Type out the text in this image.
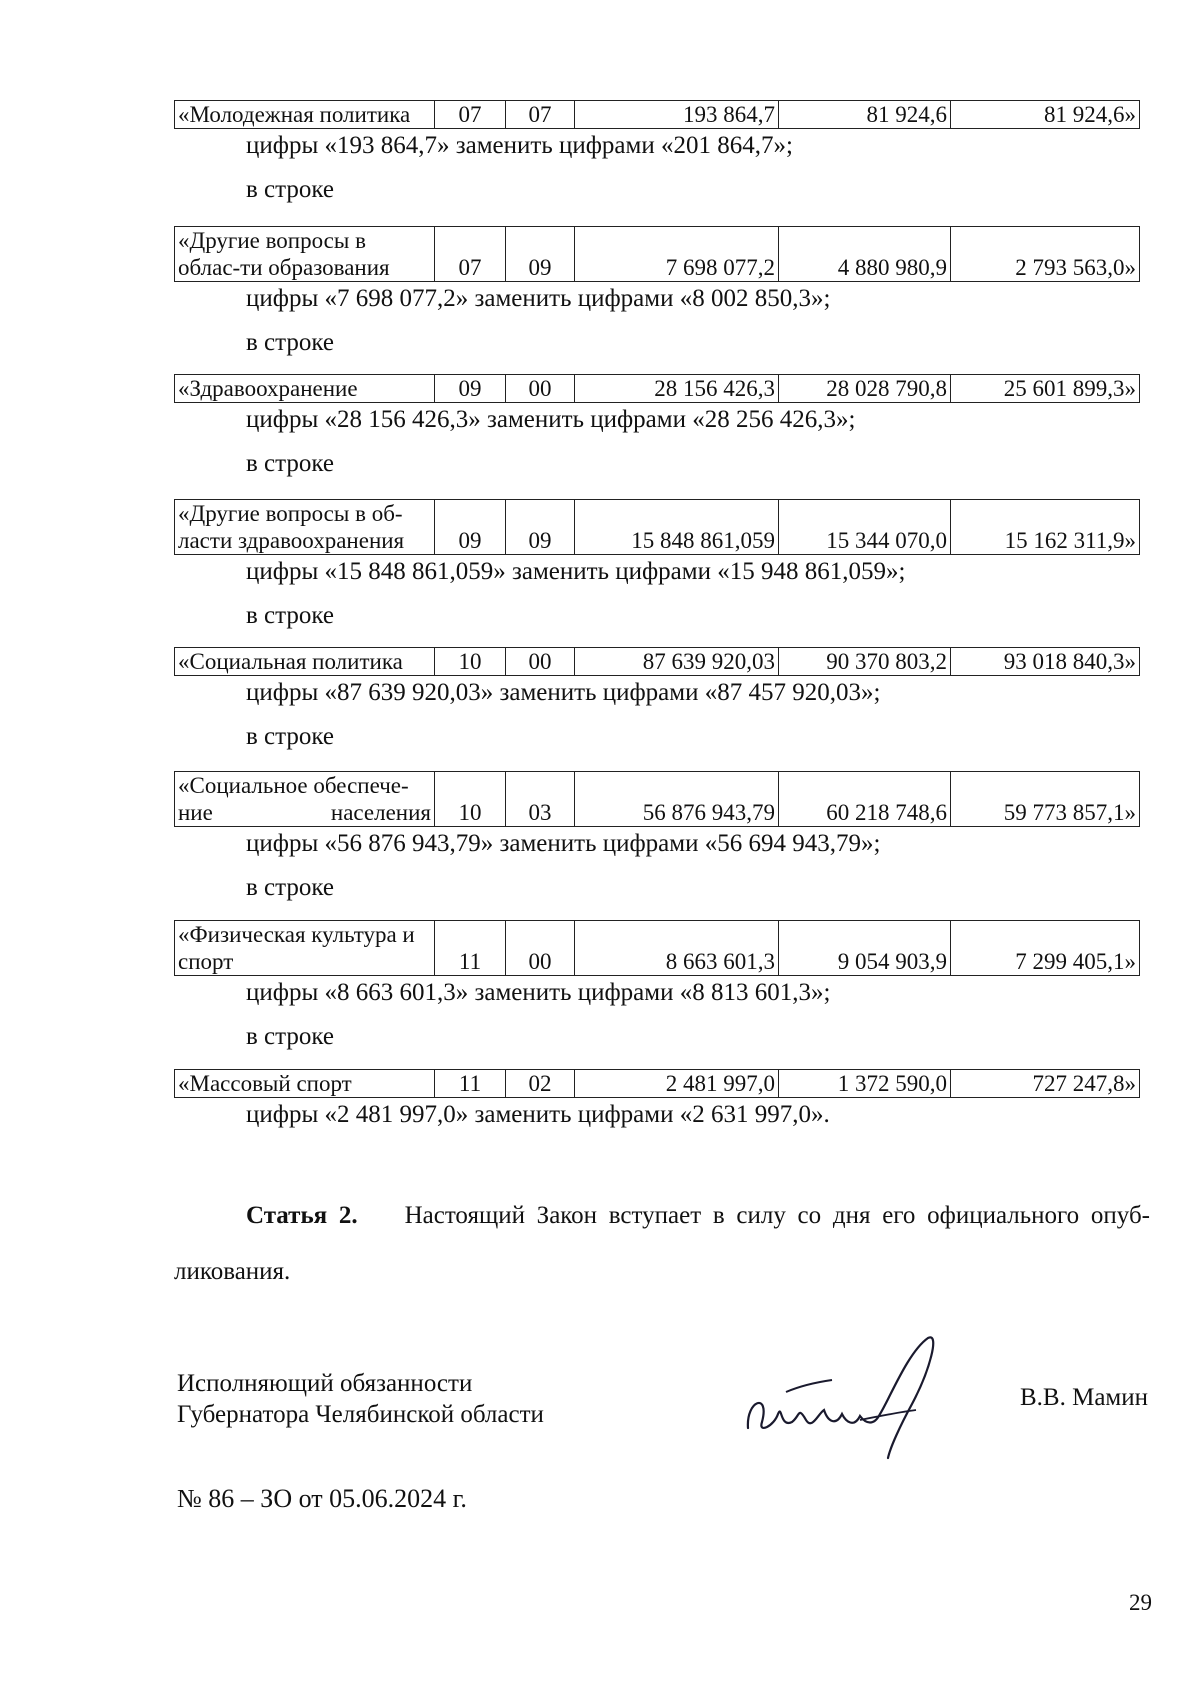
«Молодежная политика	07	07	193 864,7	81 924,6	81 924,6»
цифры «193 864,7» заменить цифрами «201 864,7»;
в строке
«Другие вопросы в облас-ти образования	07	09	7 698 077,2	4 880 980,9	2 793 563,0»
цифры «7 698 077,2» заменить цифрами «8 002 850,3»;
в строке
«Здравоохранение	09	00	28 156 426,3	28 028 790,8	25 601 899,3»
цифры «28 156 426,3» заменить цифрами «28 256 426,3»;
в строке
«Другие вопросы в об-ласти здравоохранения	09	09	15 848 861,059	15 344 070,0	15 162 311,9»
цифры «15 848 861,059» заменить цифрами «15 948 861,059»;
в строке
«Социальная политика	10	00	87 639 920,03	90 370 803,2	93 018 840,3»
цифры «87 639 920,03» заменить цифрами «87 457 920,03»;
в строке
«Социальное обеспече-ние населения	10	03	56 876 943,79	60 218 748,6	59 773 857,1»
цифры «56 876 943,79» заменить цифрами «56 694 943,79»;
в строке
«Физическая культура и спорт	11	00	8 663 601,3	9 054 903,9	7 299 405,1»
цифры «8 663 601,3» заменить цифрами «8 813 601,3»;
в строке
«Массовый спорт	11	02	2 481 997,0	1 372 590,0	727 247,8»
цифры «2 481 997,0» заменить цифрами «2 631 997,0».
Статья 2. Настоящий Закон вступает в силу со дня его официального опуб-
ликования.
Исполняющий обязанности
Губернатора Челябинской области
В.В. Мамин
№ 86 – ЗО от 05.06.2024 г.
29
